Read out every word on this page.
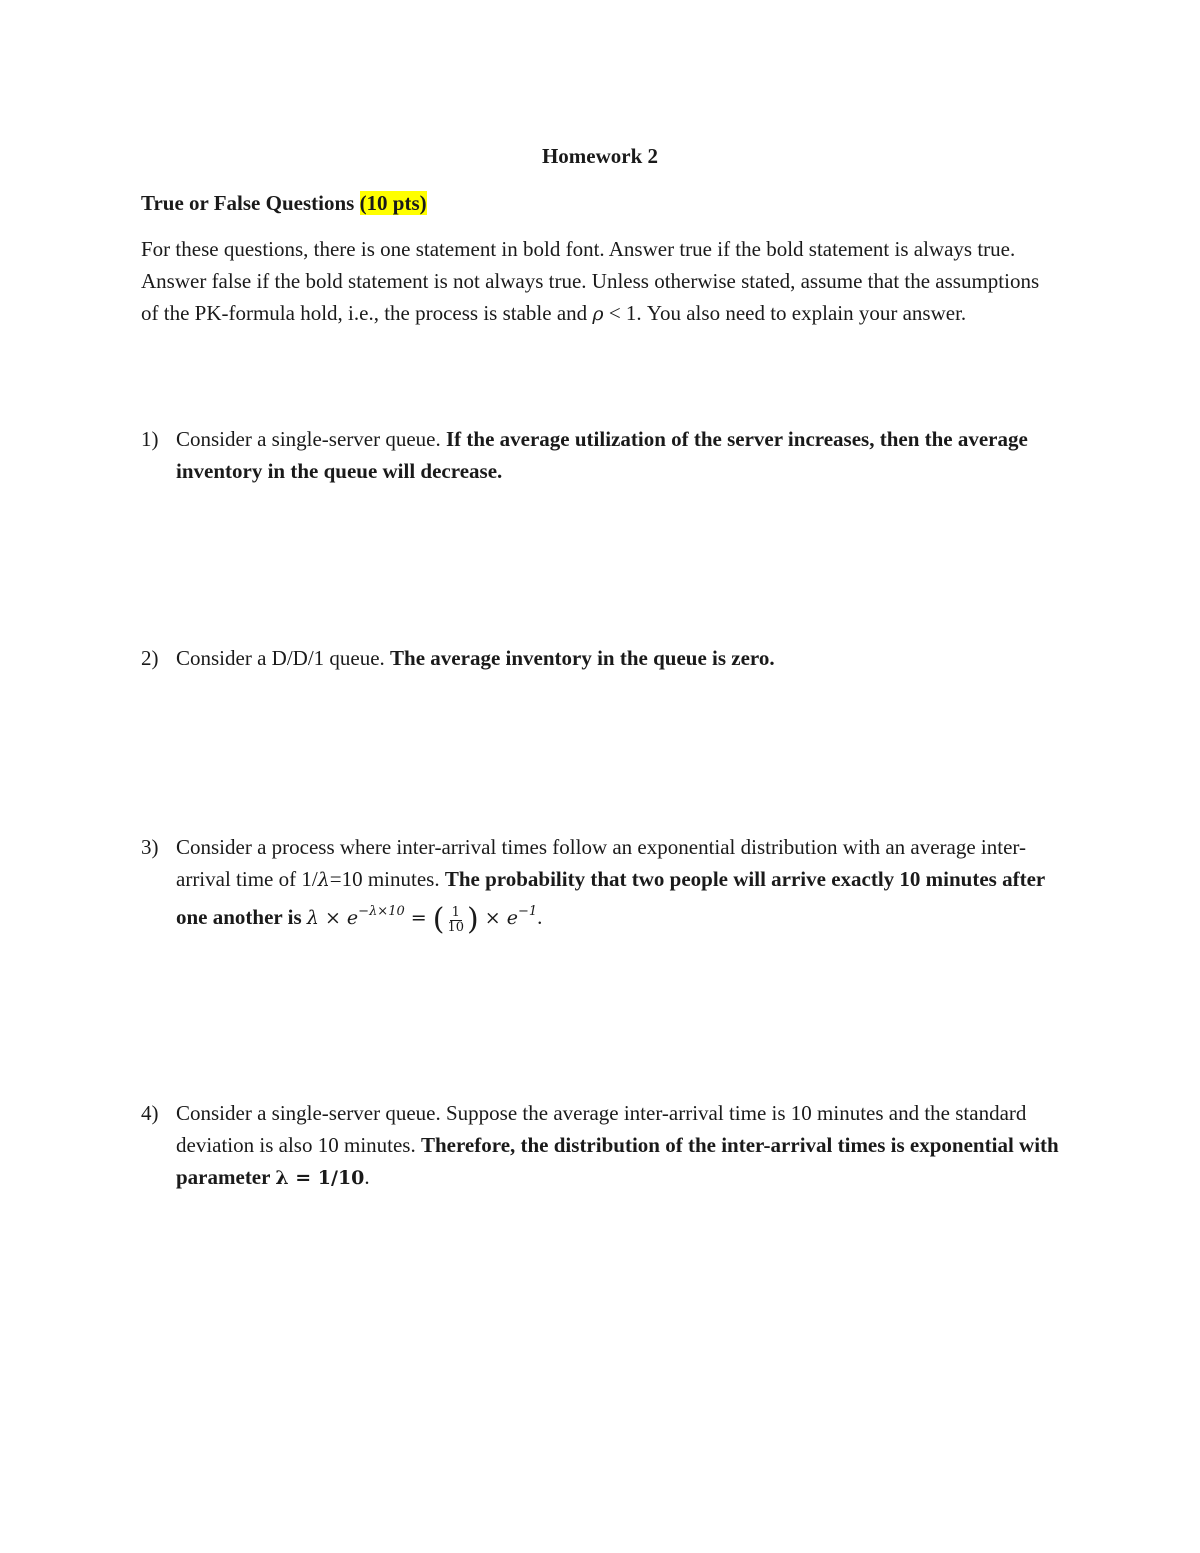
Homework 2
True or False Questions (10 pts)

For these questions, there is one statement in bold font. Answer true if the bold statement is always true. Answer false if the bold statement is not always true. Unless otherwise stated, assume that the assumptions of the PK-formula hold, i.e., the process is stable and ρ < 1. You also need to explain your answer.

1) Consider a single-server queue. If the average utilization of the server increases, then the average inventory in the queue will decrease.
2) Consider a D/D/1 queue. The average inventory in the queue is zero.
3) Consider a process where inter-arrival times follow an exponential distribution with an average inter-arrival time of 1/λ=10 minutes. The probability that two people will arrive exactly 10 minutes after one another is $\lambda \times e^{-\lambda\times 10}$ = ( $\frac{1}{10}$ ) × $e^{-1}$.
4) Consider a single-server queue. Suppose the average inter-arrival time is 10 minutes and the standard deviation is also 10 minutes. Therefore, the distribution of the inter-arrival times is exponential with parameter λ = 1/10.
